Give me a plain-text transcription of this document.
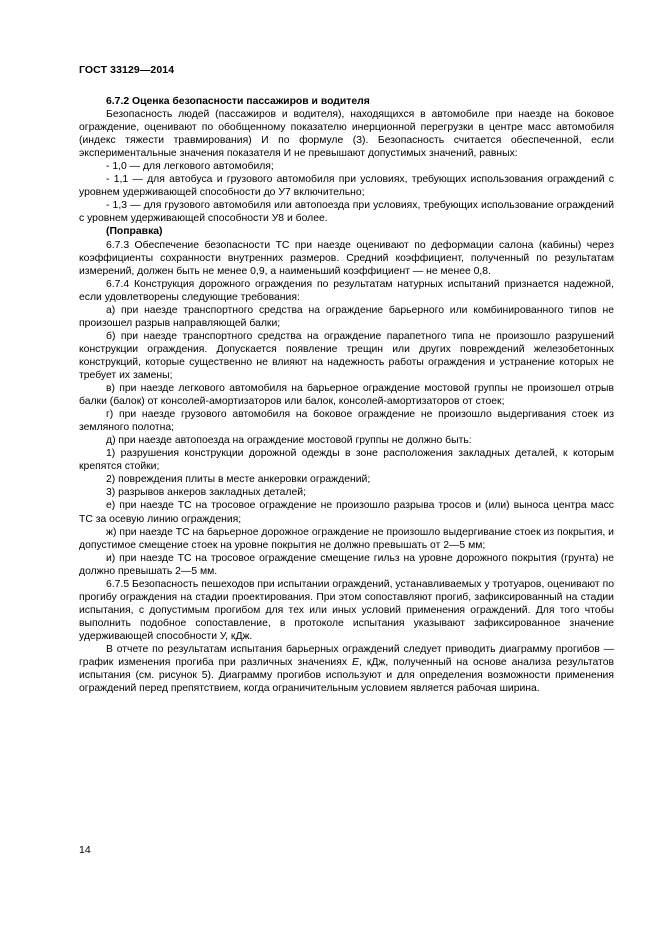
ГОСТ 33129—2014

6.7.2 Оценка безопасности пассажиров и водителя

Безопасность людей (пассажиров и водителя), находящихся в автомобиле при наезде на боковое ограждение, оценивают по обобщенному показателю инерционной перегрузки в центре масс автомобиля (индекс тяжести травмирования) И по формуле (3). Безопасность считается обеспеченной, если экспериментальные значения показателя И не превышают допустимых значений, равных:

- 1,0 — для легкового автомобиля;

- 1,1 — для автобуса и грузового автомобиля при условиях, требующих использования ограждений с уровнем удерживающей способности до У7 включительно;

- 1,3 — для грузового автомобиля или автопоезда при условиях, требующих использование ограждений с уровнем удерживающей способности У8 и более.

(Поправка)

6.7.3 Обеспечение безопасности ТС при наезде оценивают по деформации салона (кабины) через коэффициенты сохранности внутренних размеров. Средний коэффициент, полученный по результатам измерений, должен быть не менее 0,9, а наименьший коэффициент — не менее 0,8.

6.7.4 Конструкция дорожного ограждения по результатам натурных испытаний признается надежной, если удовлетворены следующие требования:

а) при наезде транспортного средства на ограждение барьерного или комбинированного типов не произошел разрыв направляющей балки;

б) при наезде транспортного средства на ограждение парапетного типа не произошло разрушений конструкции ограждения. Допускается появление трещин или других повреждений железобетонных конструкций, которые существенно не влияют на надежность работы ограждения и устранение которых не требует их замены;

в) при наезде легкового автомобиля на барьерное ограждение мостовой группы не произошел отрыв балки (балок) от консолей-амортизаторов или балок, консолей-амортизаторов от стоек;

г) при наезде грузового автомобиля на боковое ограждение не произошло выдергивания стоек из земляного полотна;

д) при наезде автопоезда на ограждение мостовой группы не должно быть:

1) разрушения конструкции дорожной одежды в зоне расположения закладных деталей, к которым крепятся стойки;

2) повреждения плиты в месте анкеровки ограждений;

3) разрывов анкеров закладных деталей;

е) при наезде ТС на тросовое ограждение не произошло разрыва тросов и (или) выноса центра масс ТС за осевую линию ограждения;

ж) при наезде ТС на барьерное дорожное ограждение не произошло выдергивание стоек из покрытия, и допустимое смещение стоек на уровне покрытия не должно превышать от 2—5 мм;

и) при наезде ТС на тросовое ограждение смещение гильз на уровне дорожного покрытия (грунта) не должно превышать 2—5 мм.

6.7.5 Безопасность пешеходов при испытании ограждений, устанавливаемых у тротуаров, оценивают по прогибу ограждения на стадии проектирования. При этом сопоставляют прогиб, зафиксированный на стадии испытания, с допустимым прогибом для тех или иных условий применения ограждений. Для того чтобы выполнить подобное сопоставление, в протоколе испытания указывают зафиксированное значение удерживающей способности У, кДж.

В отчете по результатам испытания барьерных ограждений следует приводить диаграмму прогибов — график изменения прогиба при различных значениях E, кДж, полученный на основе анализа результатов испытания (см. рисунок 5). Диаграмму прогибов используют и для определения возможности применения ограждений перед препятствием, когда ограничительным условием является рабочая ширина.

14
